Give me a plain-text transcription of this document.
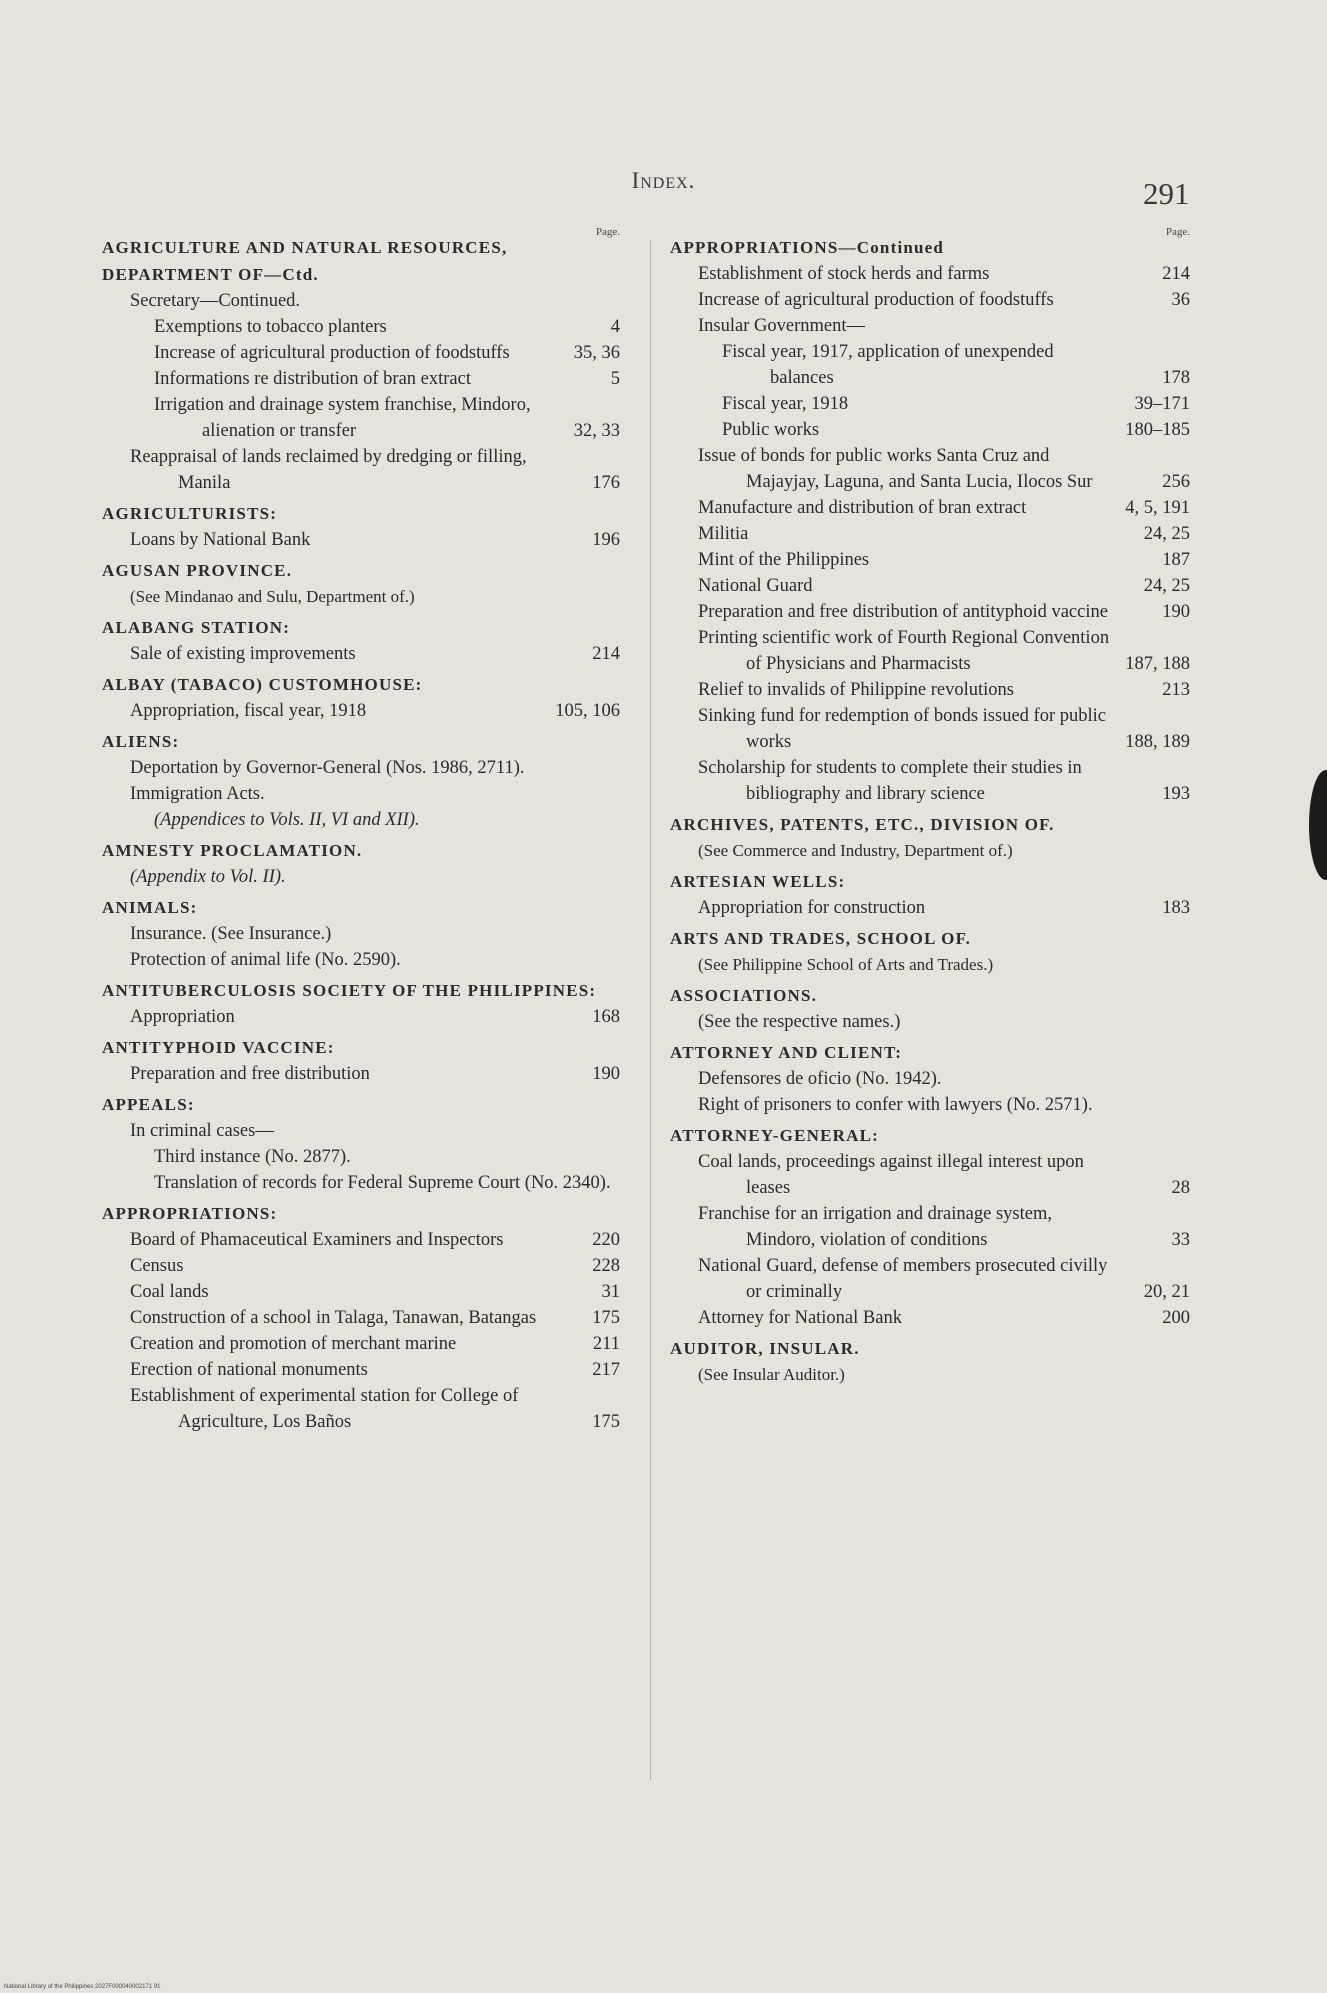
Index.	291
Page.
AGRICULTURE AND NATURAL RESOURCES, DEPARTMENT OF—Ctd.
Secretary—Continued.
Exemptions to tobacco planters	4
Increase of agricultural production of foodstuffs	35, 36
Informations re distribution of bran extract	5
Irrigation and drainage system franchise, Mindoro, alienation or transfer	32, 33
Reappraisal of lands reclaimed by dredging or filling, Manila	176
AGRICULTURISTS:
Loans by National Bank	196
AGUSAN PROVINCE.
(See Mindanao and Sulu, Department of.)
ALABANG STATION:
Sale of existing improvements	214
ALBAY (TABACO) CUSTOMHOUSE:
Appropriation, fiscal year, 1918	105, 106
ALIENS:
Deportation by Governor-General (Nos. 1986, 2711).
Immigration Acts.
(Appendices to Vols. II, VI and XII).
AMNESTY PROCLAMATION.
(Appendix to Vol. II).
ANIMALS:
Insurance. (See Insurance.)
Protection of animal life (No. 2590).
ANTITUBERCULOSIS SOCIETY OF THE PHILIPPINES:
Appropriation	168
ANTITYPHOID VACCINE:
Preparation and free distribution	190
APPEALS:
In criminal cases—
Third instance (No. 2877).
Translation of records for Federal Supreme Court (No. 2340).
APPROPRIATIONS:
Board of Phamaceutical Examiners and Inspectors	220
Census	228
Coal lands	31
Construction of a school in Talaga, Tanawan, Batangas	175
Creation and promotion of merchant marine	211
Erection of national monuments	217
Establishment of experimental station for College of Agriculture, Los Baños	175
Page.
APPROPRIATIONS—Continued
Establishment of stock herds and farms	214
Increase of agricultural production of foodstuffs	36
Insular Government—
Fiscal year, 1917, application of unexpended balances	178
Fiscal year, 1918	39–171
Public works	180–185
Issue of bonds for public works Santa Cruz and Majayjay, Laguna, and Santa Lucia, Ilocos Sur	256
Manufacture and distribution of bran extract	4, 5, 191
Militia	24, 25
Mint of the Philippines	187
National Guard	24, 25
Preparation and free distribution of antityphoid vaccine	190
Printing scientific work of Fourth Regional Convention of Physicians and Pharmacists	187, 188
Relief to invalids of Philippine revolutions	213
Sinking fund for redemption of bonds issued for public works	188, 189
Scholarship for students to complete their studies in bibliography and library science	193
ARCHIVES, PATENTS, ETC., DIVISION OF.
(See Commerce and Industry, Department of.)
ARTESIAN WELLS:
Appropriation for construction	183
ARTS AND TRADES, SCHOOL OF.
(See Philippine School of Arts and Trades.)
ASSOCIATIONS.
(See the respective names.)
ATTORNEY AND CLIENT:
Defensores de oficio (No. 1942).
Right of prisoners to confer with lawyers (No. 2571).
ATTORNEY-GENERAL:
Coal lands, proceedings against illegal interest upon leases	28
Franchise for an irrigation and drainage system, Mindoro, violation of conditions	33
National Guard, defense of members prosecuted civilly or criminally	20, 21
Attorney for National Bank	200
AUDITOR, INSULAR.
(See Insular Auditor.)
National Library of the Philippines 2027F000040002171 91
